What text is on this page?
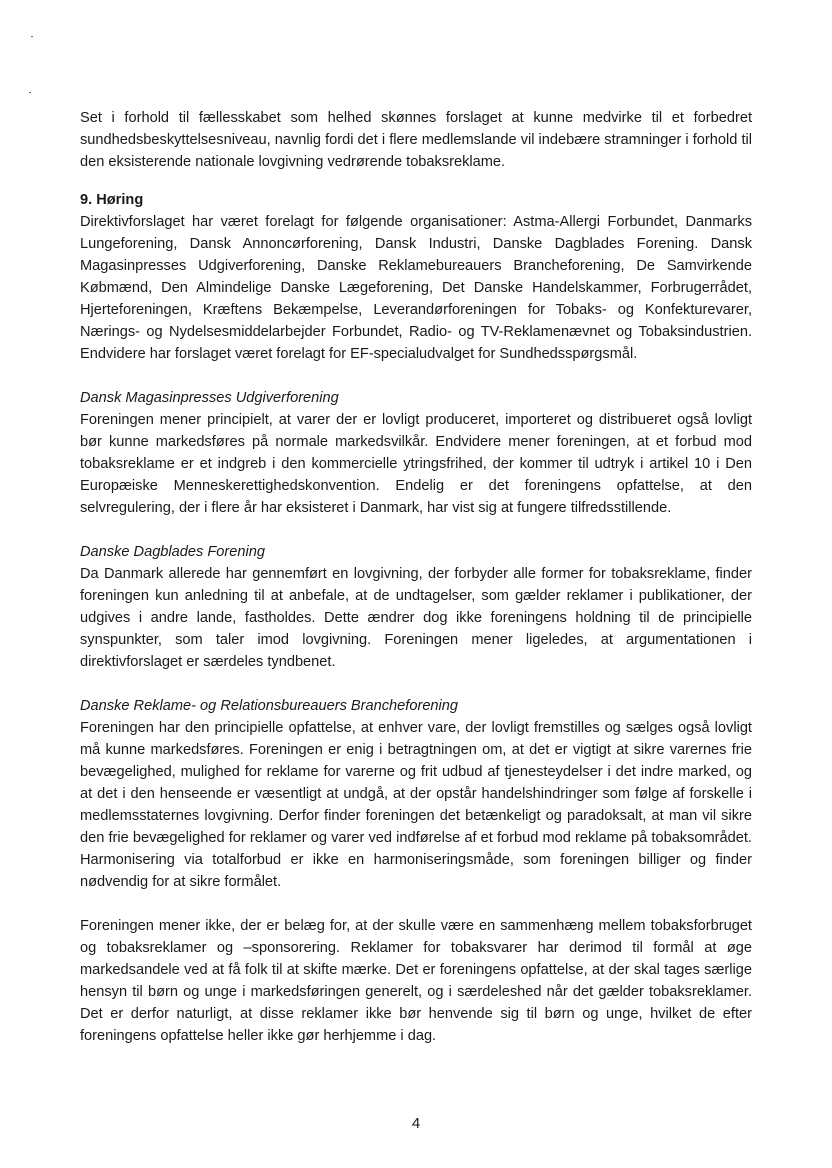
Set i forhold til fællesskabet som helhed skønnes forslaget at kunne medvirke til et forbedret sundhedsbeskyttelsesniveau, navnlig fordi det i flere medlemslande vil indebære stramninger i forhold til den eksisterende nationale lovgivning vedrørende tobaksreklame.

9. Høring

Direktivforslaget har været forelagt for følgende organisationer: Astma-Allergi Forbundet, Danmarks Lungeforening, Dansk Annoncørforening, Dansk Industri, Danske Dagblades Forening. Dansk Magasinpresses Udgiverforening, Danske Reklamebureauers Brancheforening, De Samvirkende Købmænd, Den Almindelige Danske Lægeforening, Det Danske Handelskammer, Forbrugerrådet, Hjerteforeningen, Kræftens Bekæmpelse, Leverandørforeningen for Tobaks- og Konfekturevarer, Nærings- og Nydelsesmiddelarbejder Forbundet, Radio- og TV-Reklamenævnet og Tobaksindustrien. Endvidere har forslaget været forelagt for EF-specialudvalget for Sundhedsspørgsmål.

Dansk Magasinpresses Udgiverforening

Foreningen mener principielt, at varer der er lovligt produceret, importeret og distribueret også lovligt bør kunne markedsføres på normale markedsvilkår. Endvidere mener foreningen, at et forbud mod tobaksreklame er et indgreb i den kommercielle ytringsfrihed, der kommer til udtryk i artikel 10 i Den Europæiske Menneskerettighedskonvention. Endelig er det foreningens opfattelse, at den selvregulering, der i flere år har eksisteret i Danmark, har vist sig at fungere tilfredsstillende.

Danske Dagblades Forening

Da Danmark allerede har gennemført en lovgivning, der forbyder alle former for tobaksreklame, finder foreningen kun anledning til at anbefale, at de undtagelser, som gælder reklamer i publikationer, der udgives i andre lande, fastholdes. Dette ændrer dog ikke foreningens holdning til de principielle synspunkter, som taler imod lovgivning. Foreningen mener ligeledes, at argumentationen i direktivforslaget er særdeles tyndbenet.

Danske Reklame- og Relationsbureauers Brancheforening

Foreningen har den principielle opfattelse, at enhver vare, der lovligt fremstilles og sælges også lovligt må kunne markedsføres. Foreningen er enig i betragtningen om, at det er vigtigt at sikre varernes frie bevægelighed, mulighed for reklame for varerne og frit udbud af tjenesteydelser i det indre marked, og at det i den henseende er væsentligt at undgå, at der opstår handelshindringer som følge af forskelle i medlemsstaternes lovgivning. Derfor finder foreningen det betænkeligt og paradoksalt, at man vil sikre den frie bevægelighed for reklamer og varer ved indførelse af et forbud mod reklame på tobaksområdet. Harmonisering via totalforbud er ikke en harmoniseringsmåde, som foreningen billiger og finder nødvendig for at sikre formålet.

Foreningen mener ikke, der er belæg for, at der skulle være en sammenhæng mellem tobaksforbruget og tobaksreklamer og –sponsorering. Reklamer for tobaksvarer har derimod til formål at øge markedsandele ved at få folk til at skifte mærke. Det er foreningens opfattelse, at der skal tages særlige hensyn til børn og unge i markedsføringen generelt, og i særdeleshed når det gælder tobaksreklamer. Det er derfor naturligt, at disse reklamer ikke bør henvende sig til børn og unge, hvilket de efter foreningens opfattelse heller ikke gør herhjemme i dag.

4
